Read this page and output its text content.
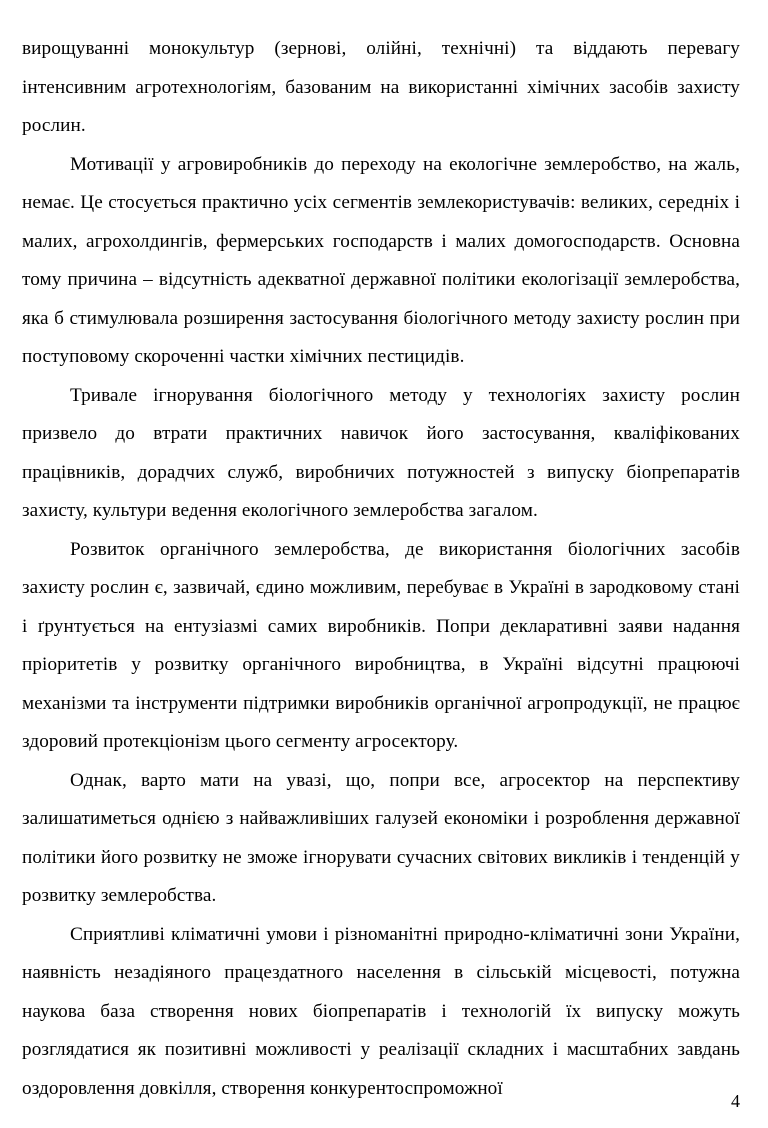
вирощуванні монокультур (зернові, олійні, технічні) та віддають перевагу інтенсивним агротехнологіям, базованим на використанні хімічних засобів захисту рослин.

Мотивації у агровиробників до переходу на екологічне землеробство, на жаль, немає. Це стосується практично усіх сегментів землекористувачів: великих, середніх і малих, агрохолдингів, фермерських господарств і малих домогосподарств. Основна тому причина – відсутність адекватної державної політики екологізації землеробства, яка б стимулювала розширення застосування біологічного методу захисту рослин при поступовому скороченні частки хімічних пестицидів.

Тривале ігнорування біологічного методу у технологіях захисту рослин призвело до втрати практичних навичок його застосування, кваліфікованих працівників, дорадчих служб, виробничих потужностей з випуску біопрепаратів захисту, культури ведення екологічного землеробства загалом.

Розвиток органічного землеробства, де використання біологічних засобів захисту рослин є, зазвичай, єдино можливим, перебуває в Україні в зародковому стані і ґрунтується на ентузіазмі самих виробників. Попри декларативні заяви надання пріоритетів у розвитку органічного виробництва, в Україні відсутні працюючі механізми та інструменти підтримки виробників органічної агропродукції, не працює здоровий протекціонізм цього сегменту агросектору.

Однак, варто мати на увазі, що, попри все, агросектор на перспективу залишатиметься однією з найважливіших галузей економіки і розроблення державної політики його розвитку не зможе ігнорувати сучасних світових викликів і тенденцій у розвитку землеробства.

Сприятливі кліматичні умови і різноманітні природно-кліматичні зони України, наявність незадіяного працездатного населення в сільській місцевості, потужна наукова база створення нових біопрепаратів і технологій їх випуску можуть розглядатися як позитивні можливості у реалізації складних і масштабних завдань оздоровлення довкілля, створення конкурентоспроможної

4
